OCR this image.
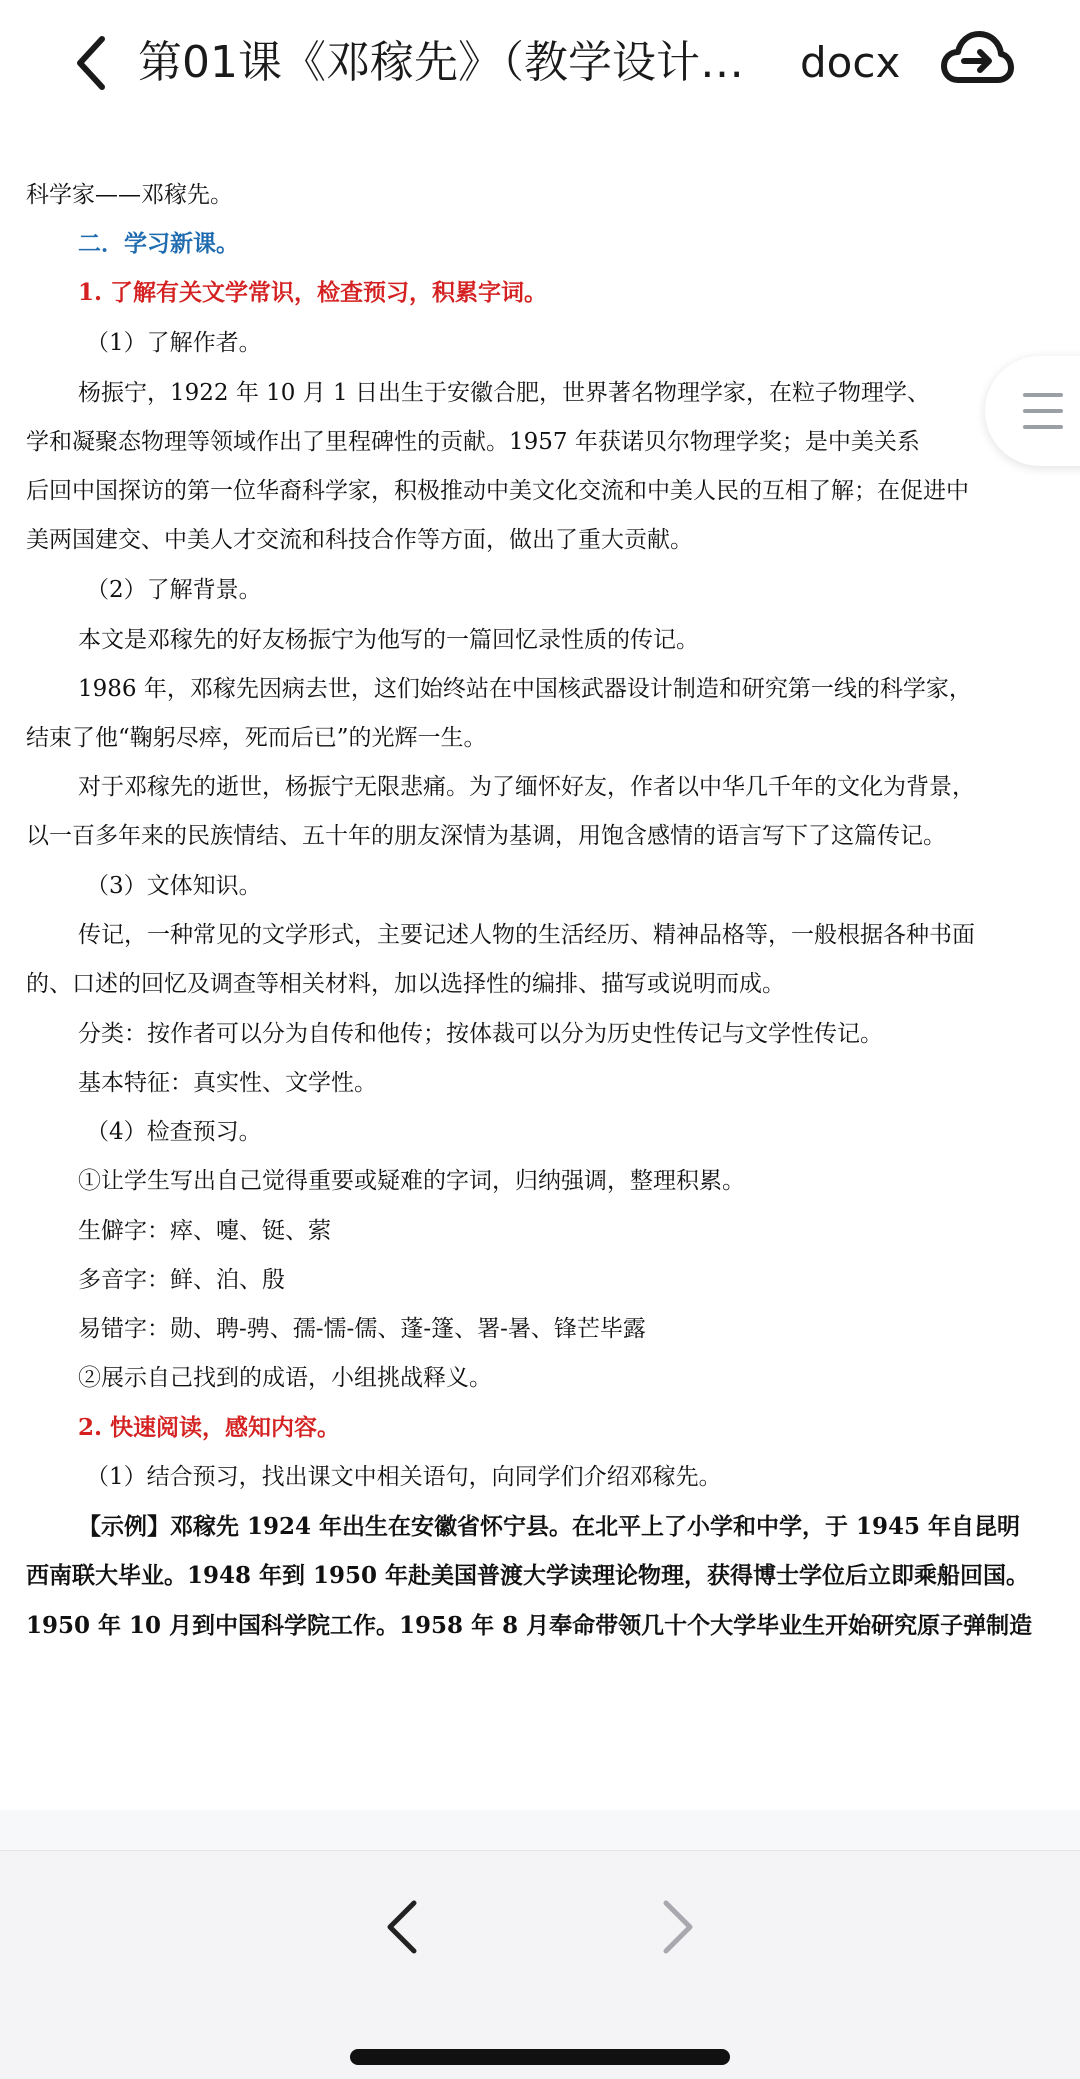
第01课《邓稼先》（教学设计…	docx
科学家——邓稼先。
二．学习新课。
1. 了解有关文学常识，检查预习，积累字词。
（1）了解作者。
杨振宁，1922 年 10 月 1 日出生于安徽合肥，世界著名物理学家，在粒子物理学、
学和凝聚态物理等领域作出了里程碑性的贡献。1957 年获诺贝尔物理学奖；是中美关系
后回中国探访的第一位华裔科学家，积极推动中美文化交流和中美人民的互相了解；在促进中
美两国建交、中美人才交流和科技合作等方面，做出了重大贡献。
（2）了解背景。
本文是邓稼先的好友杨振宁为他写的一篇回忆录性质的传记。
1986 年，邓稼先因病去世，这们始终站在中国核武器设计制造和研究第一线的科学家，
结束了他“鞠躬尽瘁，死而后已”的光辉一生。
对于邓稼先的逝世，杨振宁无限悲痛。为了缅怀好友，作者以中华几千年的文化为背景，
以一百多年来的民族情结、五十年的朋友深情为基调，用饱含感情的语言写下了这篇传记。
（3）文体知识。
传记，一种常见的文学形式，主要记述人物的生活经历、精神品格等，一般根据各种书面
的、口述的回忆及调查等相关材料，加以选择性的编排、描写或说明而成。
分类：按作者可以分为自传和他传；按体裁可以分为历史性传记与文学性传记。
基本特征：真实性、文学性。
（4）检查预习。
①让学生写出自己觉得重要或疑难的字词，归纳强调，整理积累。
生僻字：瘁、嚏、铤、萦
多音字：鲜、泊、殷
易错字：勋、聘-骋、孺-懦-儒、蓬-篷、署-暑、锋芒毕露
②展示自己找到的成语，小组挑战释义。
2. 快速阅读，感知内容。
（1）结合预习，找出课文中相关语句，向同学们介绍邓稼先。
【示例】邓稼先 1924 年出生在安徽省怀宁县。在北平上了小学和中学，于 1945 年自昆明
西南联大毕业。1948 年到 1950 年赴美国普渡大学读理论物理，获得博士学位后立即乘船回国。
1950 年 10 月到中国科学院工作。1958 年 8 月奉命带领几十个大学毕业生开始研究原子弹制造
